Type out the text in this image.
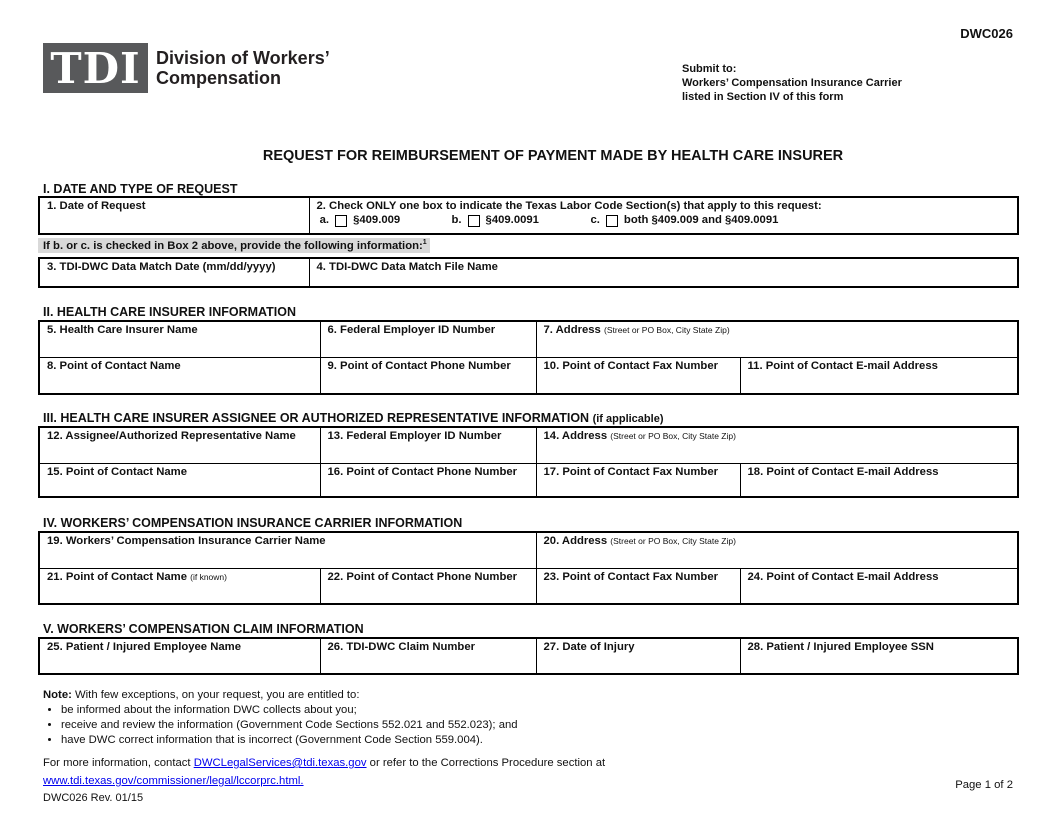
DWC026
TDI Division of Workers’
Compensation	Submit to:
Workers’ Compensation Insurance Carrier
listed in Section IV of this form
REQUEST FOR REIMBURSEMENT OF PAYMENT MADE BY HEALTH CARE INSURER
I. DATE AND TYPE OF REQUEST
1. Date of Request	2. Check ONLY one box to indicate the Texas Labor Code Section(s) that apply to this request:

a. §409.009	b. §409.0091	c. both §409.009 and §409.0091
If b. or c. is checked in Box 2 above, provide the following information:$^1$
3. TDI-DWC Data Match Date (mm/dd/yyyy)	4. TDI-DWC Data Match File Name
II. HEALTH CARE INSURER INFORMATION
5. Health Care Insurer Name	6. Federal Employer ID Number	7. Address (Street or PO Box, City State Zip)	
8. Point of Contact Name	9. Point of Contact Phone Number	10. Point of Contact Fax Number	11. Point of Contact E-mail Address
III. HEALTH CARE INSURER ASSIGNEE OR AUTHORIZED REPRESENTATIVE INFORMATION (if applicable)
12. Assignee/Authorized Representative Name	13. Federal Employer ID Number	14. Address (Street or PO Box, City State Zip)	
15. Point of Contact Name	16. Point of Contact Phone Number	17. Point of Contact Fax Number	18. Point of Contact E-mail Address
IV. WORKERS’ COMPENSATION INSURANCE CARRIER INFORMATION
19. Workers’ Compensation Insurance Carrier Name		20. Address (Street or PO Box, City State Zip)	
21. Point of Contact Name (if known)	22. Point of Contact Phone Number	23. Point of Contact Fax Number	24. Point of Contact E-mail Address
V. WORKERS’ COMPENSATION CLAIM INFORMATION
25. Patient / Injured Employee Name	26. TDI-DWC Claim Number	27. Date of Injury	28. Patient / Injured Employee SSN
Note: With few exceptions, on your request, you are entitled to:
• be informed about the information DWC collects about you;
• receive and review the information (Government Code Sections 552.021 and 552.023); and
• have DWC correct information that is incorrect (Government Code Section 559.004).
For more information, contact DWCLegalServices@tdi.texas.gov or refer to the Corrections Procedure section at
www.tdi.texas.gov/commissioner/legal/lccorprc.html.
DWC026 Rev. 01/15
Page 1 of 2
